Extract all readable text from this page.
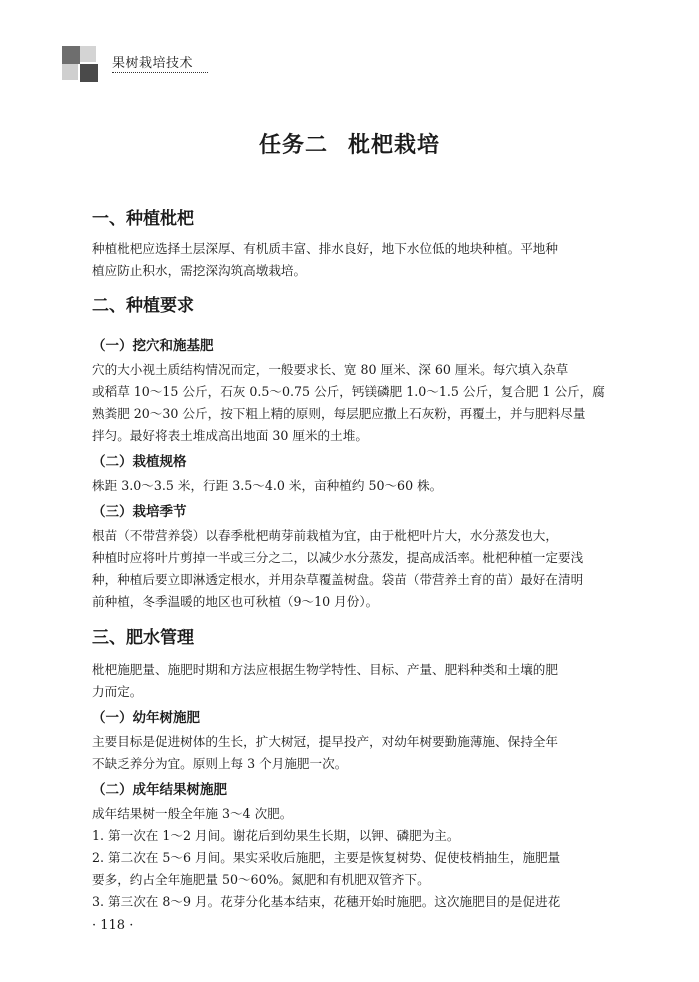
果树栽培技术
任务二 枇杷栽培
一、种植枇杷

种植枇杷应选择土层深厚、有机质丰富、排水良好，地下水位低的地块种植。平地种
植应防止积水，需挖深沟筑高墩栽培。

二、种植要求
（一）挖穴和施基肥

穴的大小视土质结构情况而定，一般要求长、宽 80 厘米、深 60 厘米。每穴填入杂草
或稻草 10～15 公斤，石灰 0.5～0.75 公斤，钙镁磷肥 1.0～1.5 公斤，复合肥 1 公斤，腐
熟粪肥 20～30 公斤，按下粗上精的原则，每层肥应撒上石灰粉，再覆土，并与肥料尽量
拌匀。最好将表土堆成高出地面 30 厘米的土堆。

（二）栽植规格

株距 3.0～3.5 米，行距 3.5～4.0 米，亩种植约 50～60 株。

（三）栽培季节

根苗（不带营养袋）以春季枇杷萌芽前栽植为宜，由于枇杷叶片大，水分蒸发也大，
种植时应将叶片剪掉一半或三分之二，以减少水分蒸发，提高成活率。枇杷种植一定要浅
种，种植后要立即淋透定根水，并用杂草覆盖树盘。袋苗（带营养土育的苗）最好在清明
前种植，冬季温暖的地区也可秋植（9～10 月份）。

三、肥水管理

枇杷施肥量、施肥时期和方法应根据生物学特性、目标、产量、肥料种类和土壤的肥
力而定。

（一）幼年树施肥

主要目标是促进树体的生长，扩大树冠，提早投产，对幼年树要勤施薄施、保持全年
不缺乏养分为宜。原则上每 3 个月施肥一次。

（二）成年结果树施肥

成年结果树一般全年施 3～4 次肥。
1. 第一次在 1～2 月间。谢花后到幼果生长期，以钾、磷肥为主。
2. 第二次在 5～6 月间。果实采收后施肥，主要是恢复树势、促使枝梢抽生，施肥量
要多，约占全年施肥量 50～60%。氮肥和有机肥双管齐下。
3. 第三次在 8～9 月。花芽分化基本结束，花穗开始时施肥。这次施肥目的是促进花

· 118 ·
